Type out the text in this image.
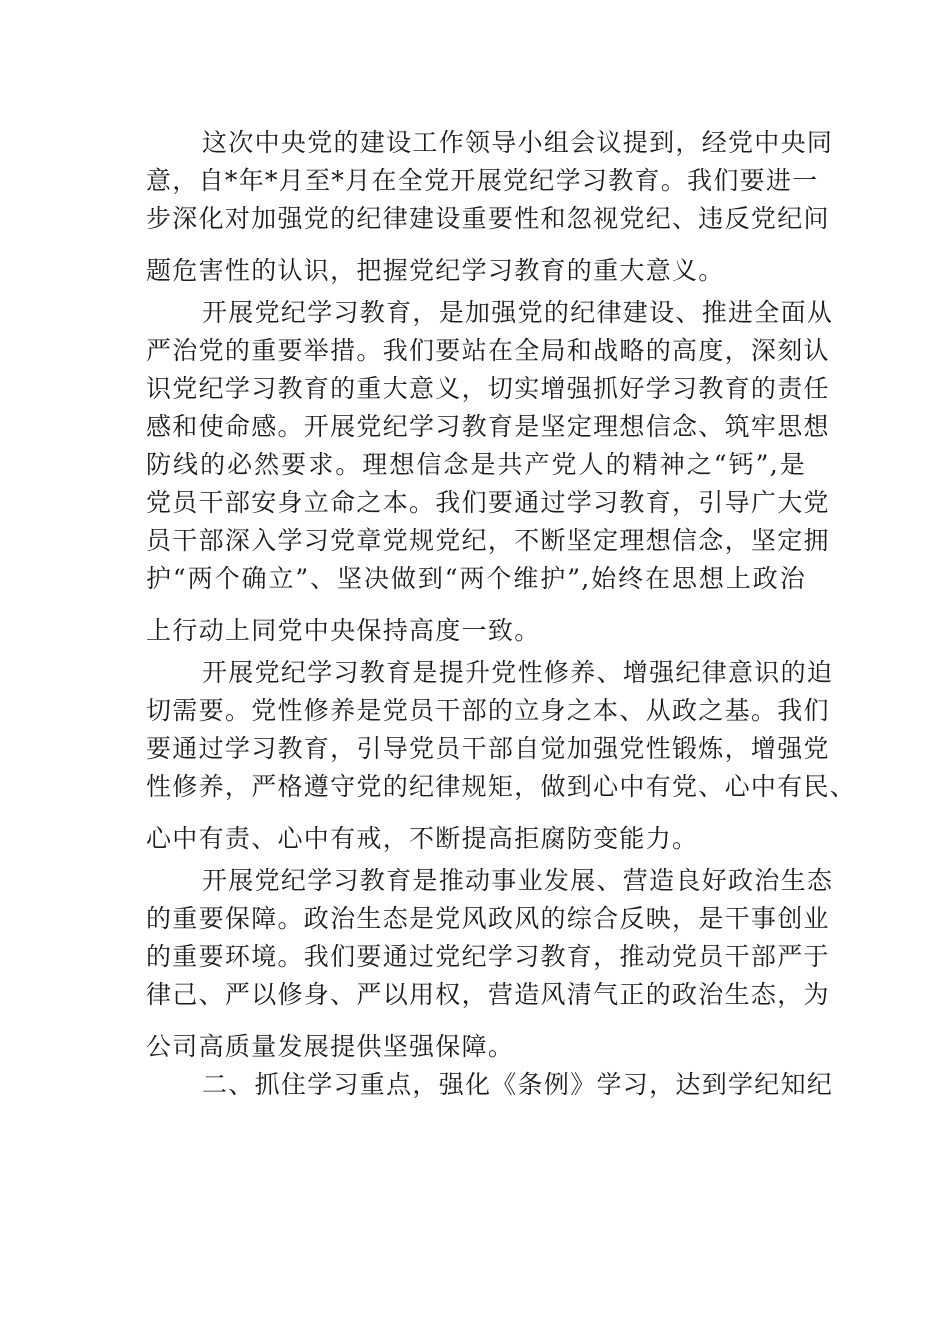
这次中央党的建设工作领导小组会议提到，经党中央同
意，自*年*月至*月在全党开展党纪学习教育。我们要进一
步深化对加强党的纪律建设重要性和忽视党纪、违反党纪问
题危害性的认识，把握党纪学习教育的重大意义。
开展党纪学习教育，是加强党的纪律建设、推进全面从
严治党的重要举措。我们要站在全局和战略的高度，深刻认
识党纪学习教育的重大意义，切实增强抓好学习教育的责任
感和使命感。开展党纪学习教育是坚定理想信念、筑牢思想
防线的必然要求。理想信念是共产党人的精神之“钙”,是
党员干部安身立命之本。我们要通过学习教育，引导广大党
员干部深入学习党章党规党纪，不断坚定理想信念，坚定拥
护“两个确立”、坚决做到“两个维护”,始终在思想上政治
上行动上同党中央保持高度一致。
开展党纪学习教育是提升党性修养、增强纪律意识的迫
切需要。党性修养是党员干部的立身之本、从政之基。我们
要通过学习教育，引导党员干部自觉加强党性锻炼，增强党
性修养，严格遵守党的纪律规矩，做到心中有党、心中有民、
心中有责、心中有戒，不断提高拒腐防变能力。
开展党纪学习教育是推动事业发展、营造良好政治生态
的重要保障。政治生态是党风政风的综合反映，是干事创业
的重要环境。我们要通过党纪学习教育，推动党员干部严于
律己、严以修身、严以用权，营造风清气正的政治生态，为
公司高质量发展提供坚强保障。
二、抓住学习重点，强化《条例》学习，达到学纪知纪
